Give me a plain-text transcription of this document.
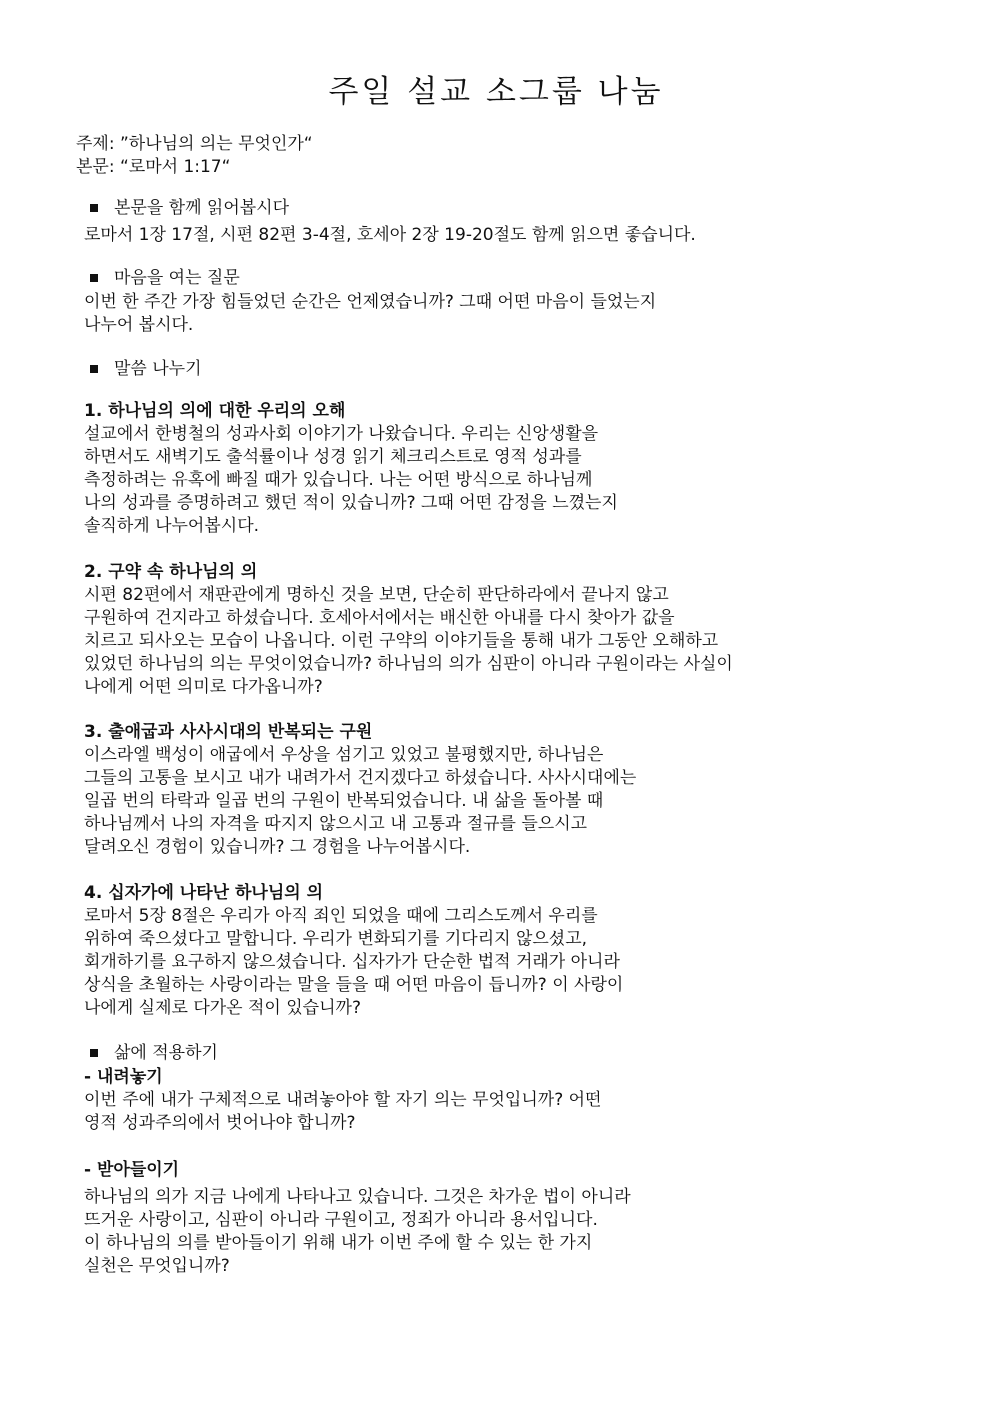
주일 설교 소그룹 나눔
주제: ”하나님의 의는 무엇인가“
본문: “로마서 1:17“
본문을 함께 읽어봅시다

로마서 1장 17절, 시편 82편 3-4절, 호세아 2장 19-20절도 함께 읽으면 좋습니다.

마음을 여는 질문

이번 한 주간 가장 힘들었던 순간은 언제였습니까? 그때 어떤 마음이 들었는지
나누어 봅시다.

말씀 나누기
1. 하나님의 의에 대한 우리의 오해

설교에서 한병철의 성과사회 이야기가 나왔습니다. 우리는 신앙생활을
하면서도 새벽기도 출석률이나 성경 읽기 체크리스트로 영적 성과를
측정하려는 유혹에 빠질 때가 있습니다. 나는 어떤 방식으로 하나님께
나의 성과를 증명하려고 했던 적이 있습니까? 그때 어떤 감정을 느꼈는지
솔직하게 나누어봅시다.

2. 구약 속 하나님의 의

시편 82편에서 재판관에게 명하신 것을 보면, 단순히 판단하라에서 끝나지 않고
구원하여 건지라고 하셨습니다. 호세아서에서는 배신한 아내를 다시 찾아가 값을
치르고 되사오는 모습이 나옵니다. 이런 구약의 이야기들을 통해 내가 그동안 오해하고
있었던 하나님의 의는 무엇이었습니까? 하나님의 의가 심판이 아니라 구원이라는 사실이
나에게 어떤 의미로 다가옵니까?

3. 출애굽과 사사시대의 반복되는 구원

이스라엘 백성이 애굽에서 우상을 섬기고 있었고 불평했지만, 하나님은
그들의 고통을 보시고 내가 내려가서 건지겠다고 하셨습니다. 사사시대에는
일곱 번의 타락과 일곱 번의 구원이 반복되었습니다. 내 삶을 돌아볼 때
하나님께서 나의 자격을 따지지 않으시고 내 고통과 절규를 들으시고
달려오신 경험이 있습니까? 그 경험을 나누어봅시다.

4. 십자가에 나타난 하나님의 의

로마서 5장 8절은 우리가 아직 죄인 되었을 때에 그리스도께서 우리를
위하여 죽으셨다고 말합니다. 우리가 변화되기를 기다리지 않으셨고,
회개하기를 요구하지 않으셨습니다. 십자가가 단순한 법적 거래가 아니라
상식을 초월하는 사랑이라는 말을 들을 때 어떤 마음이 듭니까? 이 사랑이
나에게 실제로 다가온 적이 있습니까?

삶에 적용하기
- 내려놓기

이번 주에 내가 구체적으로 내려놓아야 할 자기 의는 무엇입니까? 어떤
영적 성과주의에서 벗어나야 합니까?

- 받아들이기

하나님의 의가 지금 나에게 나타나고 있습니다. 그것은 차가운 법이 아니라
뜨거운 사랑이고, 심판이 아니라 구원이고, 정죄가 아니라 용서입니다.
이 하나님의 의를 받아들이기 위해 내가 이번 주에 할 수 있는 한 가지
실천은 무엇입니까?
